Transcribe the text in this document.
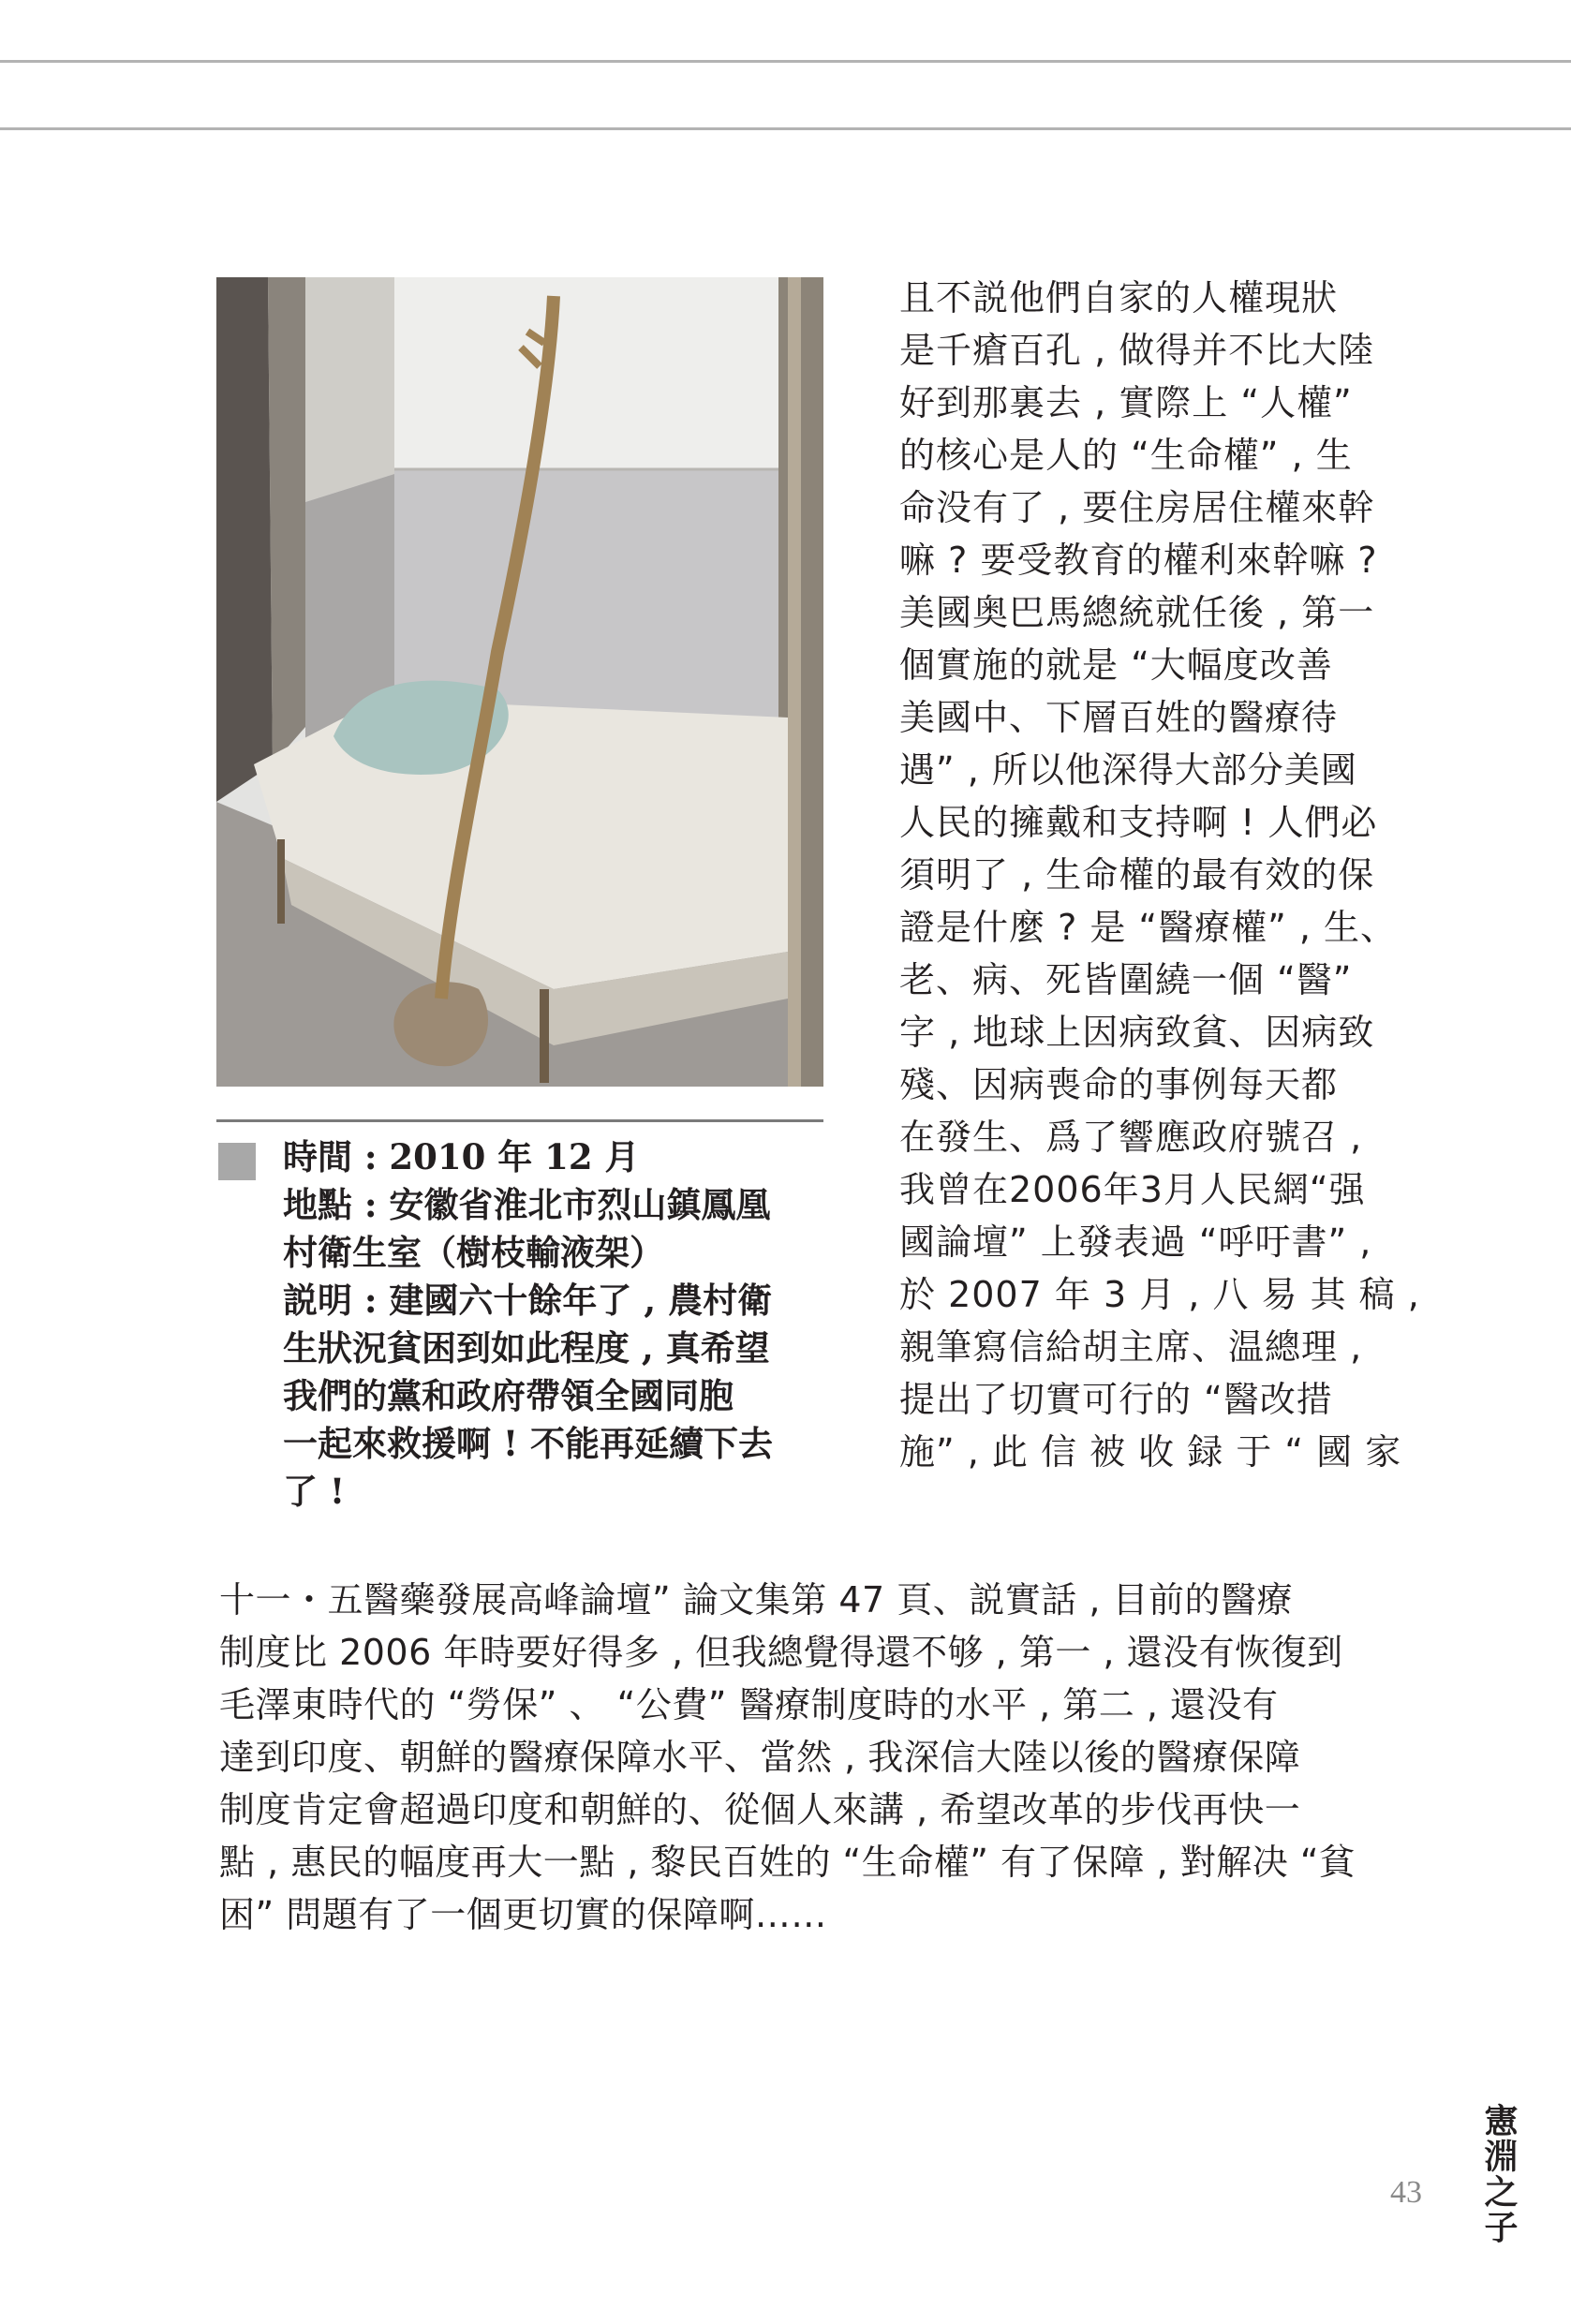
時間 : 2010 年 12 月

地點 : 安徽省淮北市烈山鎮鳳凰

村衛生室（樹枝輸液架）

説明 : 建國六十餘年了 , 農村衛

生狀況貧困到如此程度 , 真希望

我們的黨和政府帶領全國同胞

一起來救援啊 ! 不能再延續下去

了 !

且不説他們自家的人權現狀

是千瘡百孔 , 做得并不比大陸

好到那裏去 , 實際上 “人權”

的核心是人的 “生命權” , 生

命没有了 , 要住房居住權來幹

嘛 ? 要受教育的權利來幹嘛 ?

美國奥巴馬總統就任後 , 第一

個實施的就是 “大幅度改善

美國中、下層百姓的醫療待

遇” , 所以他深得大部分美國

人民的擁戴和支持啊 ! 人們必

須明了 , 生命權的最有效的保

證是什麼 ? 是 “醫療權” , 生、

老、病、死皆圍繞一個 “醫”

字 , 地球上因病致貧、因病致

殘、因病喪命的事例每天都

在發生、爲了響應政府號召 ,

我曾在2006年3月人民網“强

國論壇” 上發表過 “呼吁書” ,

於 2007 年 3 月 , 八 易 其 稿 ,

親筆寫信給胡主席、温總理 ,

提出了切實可行的 “醫改措

施” , 此 信 被 收 録 于 “ 國 家

十一・五醫藥發展高峰論壇” 論文集第 47 頁、説實話 , 目前的醫療

制度比 2006 年時要好得多 , 但我總覺得還不够 , 第一 , 還没有恢復到

毛澤東時代的 “勞保” 、 “公費” 醫療制度時的水平 , 第二 , 還没有

達到印度、朝鮮的醫療保障水平、當然 , 我深信大陸以後的醫療保障

制度肯定會超過印度和朝鮮的、從個人來講 , 希望改革的步伐再快一

點 , 惠民的幅度再大一點 , 黎民百姓的 “生命權” 有了保障 , 對解决 “貧

困” 問題有了一個更切實的保障啊……

43 憲淵之子
